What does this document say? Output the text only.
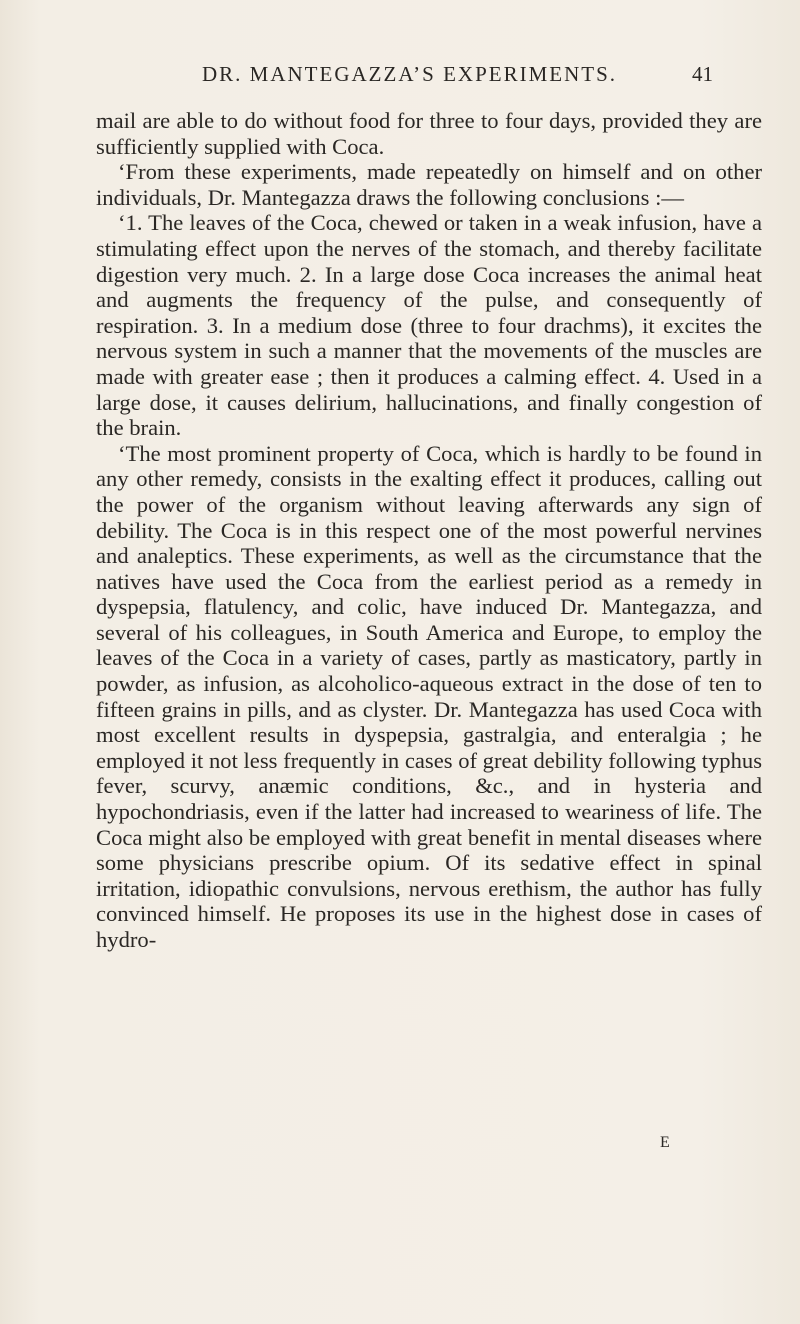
DR. MANTEGAZZA’S EXPERIMENTS.	41

mail are able to do without food for three to four days, provided they are sufficiently supplied with Coca.

‘From these experiments, made repeatedly on himself and on other individuals, Dr. Mantegazza draws the following conclusions :—

‘1. The leaves of the Coca, chewed or taken in a weak infusion, have a stimulating effect upon the nerves of the stomach, and thereby facilitate digestion very much. 2. In a large dose Coca increases the animal heat and augments the frequency of the pulse, and consequently of respiration. 3. In a medium dose (three to four drachms), it excites the nervous system in such a manner that the movements of the muscles are made with greater ease ; then it produces a calming effect. 4. Used in a large dose, it causes delirium, hallucinations, and finally congestion of the brain.

‘The most prominent property of Coca, which is hardly to be found in any other remedy, consists in the exalting effect it produces, calling out the power of the organism without leaving afterwards any sign of debility. The Coca is in this respect one of the most powerful nervines and analeptics. These experiments, as well as the circumstance that the natives have used the Coca from the earliest period as a remedy in dyspepsia, flatulency, and colic, have induced Dr. Mantegazza, and several of his colleagues, in South America and Europe, to employ the leaves of the Coca in a variety of cases, partly as masticatory, partly in powder, as infusion, as alcoholico-aqueous extract in the dose of ten to fifteen grains in pills, and as clyster. Dr. Mantegazza has used Coca with most excellent results in dyspepsia, gastralgia, and enteralgia ; he employed it not less frequently in cases of great debility following typhus fever, scurvy, anæmic conditions, &c., and in hysteria and hypochondriasis, even if the latter had increased to weariness of life. The Coca might also be employed with great benefit in mental diseases where some physicians prescribe opium. Of its sedative effect in spinal irritation, idiopathic convulsions, nervous erethism, the author has fully convinced himself. He proposes its use in the highest dose in cases of hydro-

E
